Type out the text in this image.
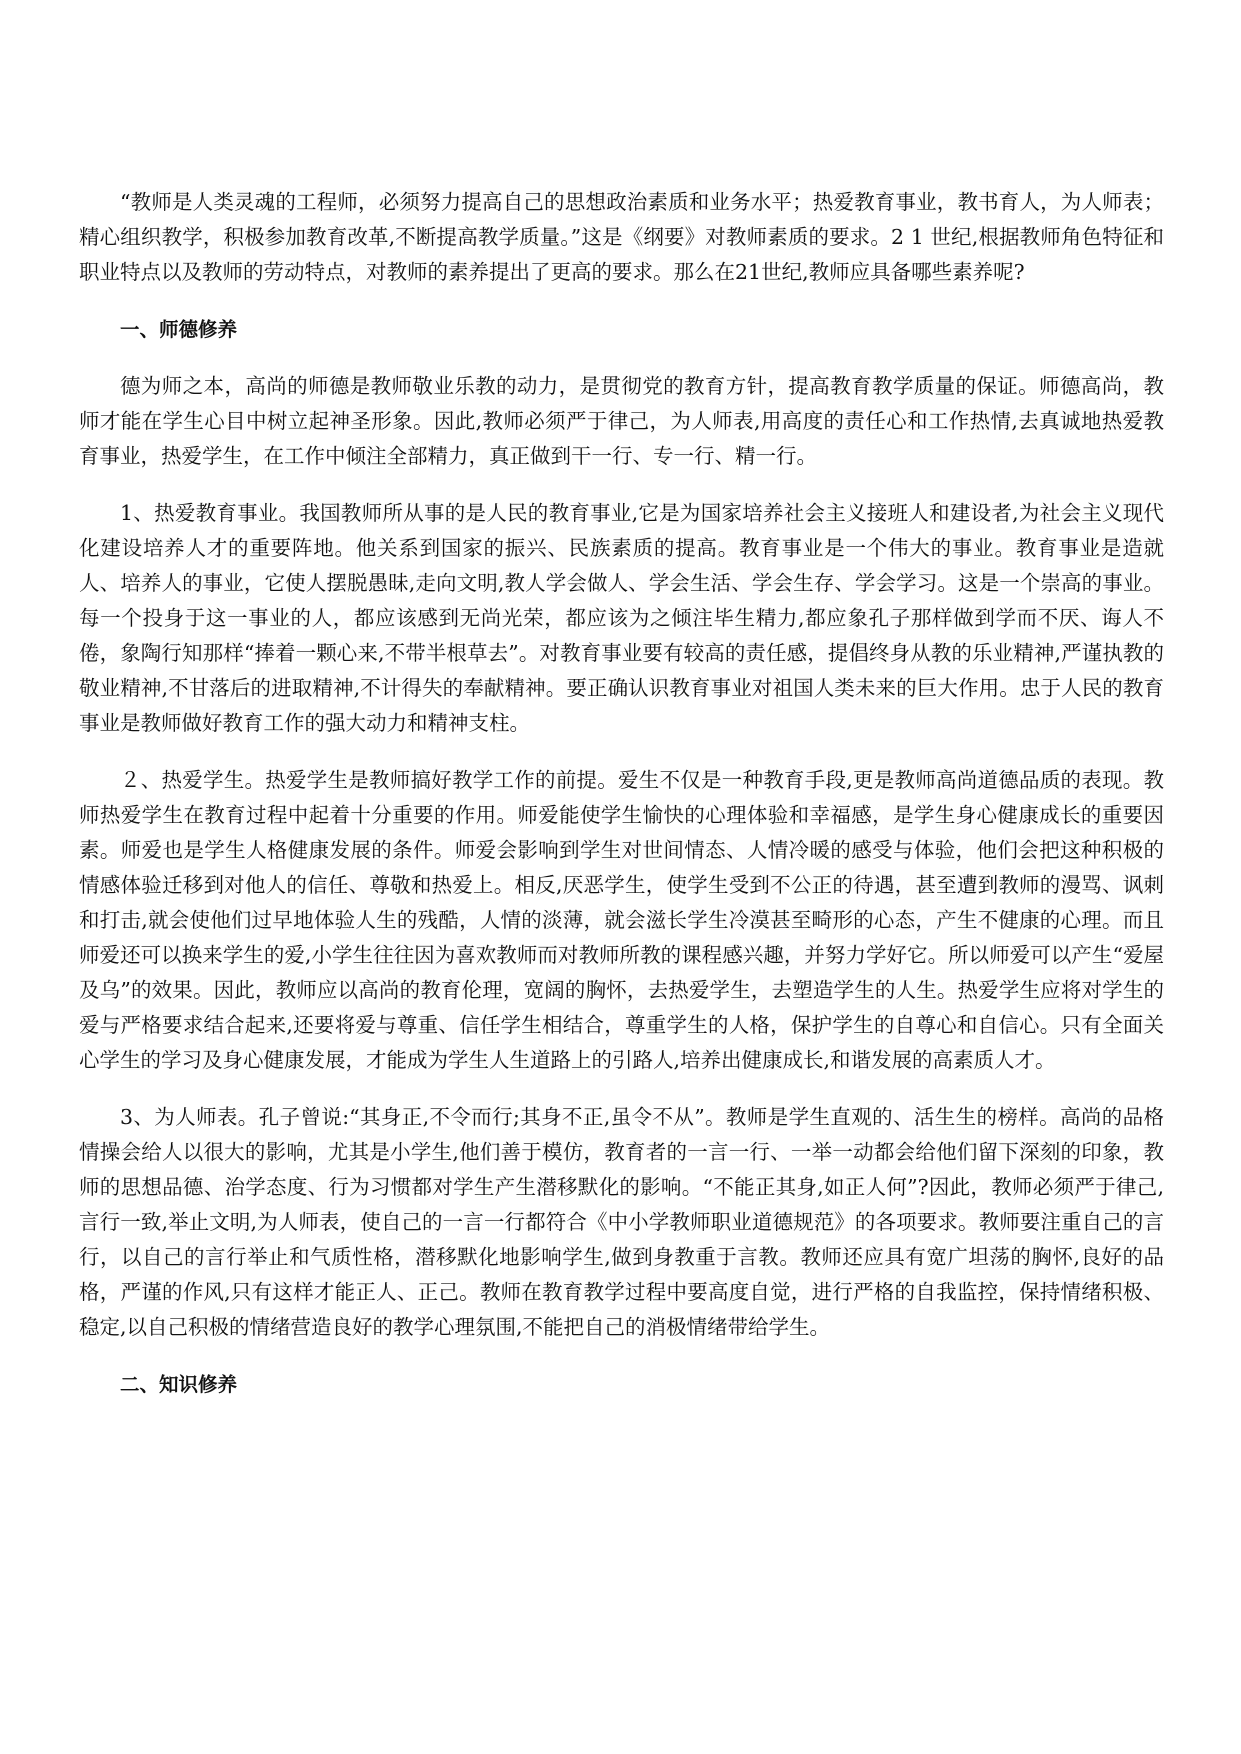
“教师是人类灵魂的工程师，必须努力提高自己的思想政治素质和业务水平；热爱教育事业，教书育人，为人师表；精心组织教学，积极参加教育改革,不断提高教学质量。”这是《纲要》对教师素质的要求。2 1 世纪,根据教师角色特征和职业特点以及教师的劳动特点，对教师的素养提出了更高的要求。那么在21世纪,教师应具备哪些素养呢?

一、师德修养

德为师之本，高尚的师德是教师敬业乐教的动力，是贯彻党的教育方针，提高教育教学质量的保证。师德高尚，教师才能在学生心目中树立起神圣形象。因此,教师必须严于律己，为人师表,用高度的责任心和工作热情,去真诚地热爱教育事业，热爱学生，在工作中倾注全部精力，真正做到干一行、专一行、精一行。

1、热爱教育事业。我国教师所从事的是人民的教育事业,它是为国家培养社会主义接班人和建设者,为社会主义现代化建设培养人才的重要阵地。他关系到国家的振兴、民族素质的提高。教育事业是一个伟大的事业。教育事业是造就人、培养人的事业，它使人摆脱愚昧,走向文明,教人学会做人、学会生活、学会生存、学会学习。这是一个崇高的事业。每一个投身于这一事业的人，都应该感到无尚光荣，都应该为之倾注毕生精力,都应象孔子那样做到学而不厌、诲人不倦，象陶行知那样“捧着一颗心来,不带半根草去”。对教育事业要有较高的责任感，提倡终身从教的乐业精神,严谨执教的敬业精神,不甘落后的进取精神,不计得失的奉献精神。要正确认识教育事业对祖国人类未来的巨大作用。忠于人民的教育事业是教师做好教育工作的强大动力和精神支柱。

２、热爱学生。热爱学生是教师搞好教学工作的前提。爱生不仅是一种教育手段,更是教师高尚道德品质的表现。教师热爱学生在教育过程中起着十分重要的作用。师爱能使学生愉快的心理体验和幸福感，是学生身心健康成长的重要因素。师爱也是学生人格健康发展的条件。师爱会影响到学生对世间情态、人情冷暖的感受与体验，他们会把这种积极的情感体验迁移到对他人的信任、尊敬和热爱上。相反,厌恶学生，使学生受到不公正的待遇，甚至遭到教师的漫骂、讽刺和打击,就会使他们过早地体验人生的残酷，人情的淡薄，就会滋长学生冷漠甚至畸形的心态，产生不健康的心理。而且师爱还可以换来学生的爱,小学生往往因为喜欢教师而对教师所教的课程感兴趣，并努力学好它。所以师爱可以产生“爱屋及乌”的效果。因此，教师应以高尚的教育伦理，宽阔的胸怀，去热爱学生，去塑造学生的人生。热爱学生应将对学生的爱与严格要求结合起来,还要将爱与尊重、信任学生相结合，尊重学生的人格，保护学生的自尊心和自信心。只有全面关心学生的学习及身心健康发展，才能成为学生人生道路上的引路人,培养出健康成长,和谐发展的高素质人才。

3、为人师表。孔子曾说:“其身正,不令而行;其身不正,虽令不从”。教师是学生直观的、活生生的榜样。高尚的品格情操会给人以很大的影响，尤其是小学生,他们善于模仿，教育者的一言一行、一举一动都会给他们留下深刻的印象，教师的思想品德、治学态度、行为习惯都对学生产生潜移默化的影响。“不能正其身,如正人何”?因此，教师必须严于律己,言行一致,举止文明,为人师表，使自己的一言一行都符合《中小学教师职业道德规范》的各项要求。教师要注重自己的言行，以自己的言行举止和气质性格，潜移默化地影响学生,做到身教重于言教。教师还应具有宽广坦荡的胸怀,良好的品格，严谨的作风,只有这样才能正人、正己。教师在教育教学过程中要高度自觉，进行严格的自我监控，保持情绪积极、稳定,以自己积极的情绪营造良好的教学心理氛围,不能把自己的消极情绪带给学生。

二、知识修养
